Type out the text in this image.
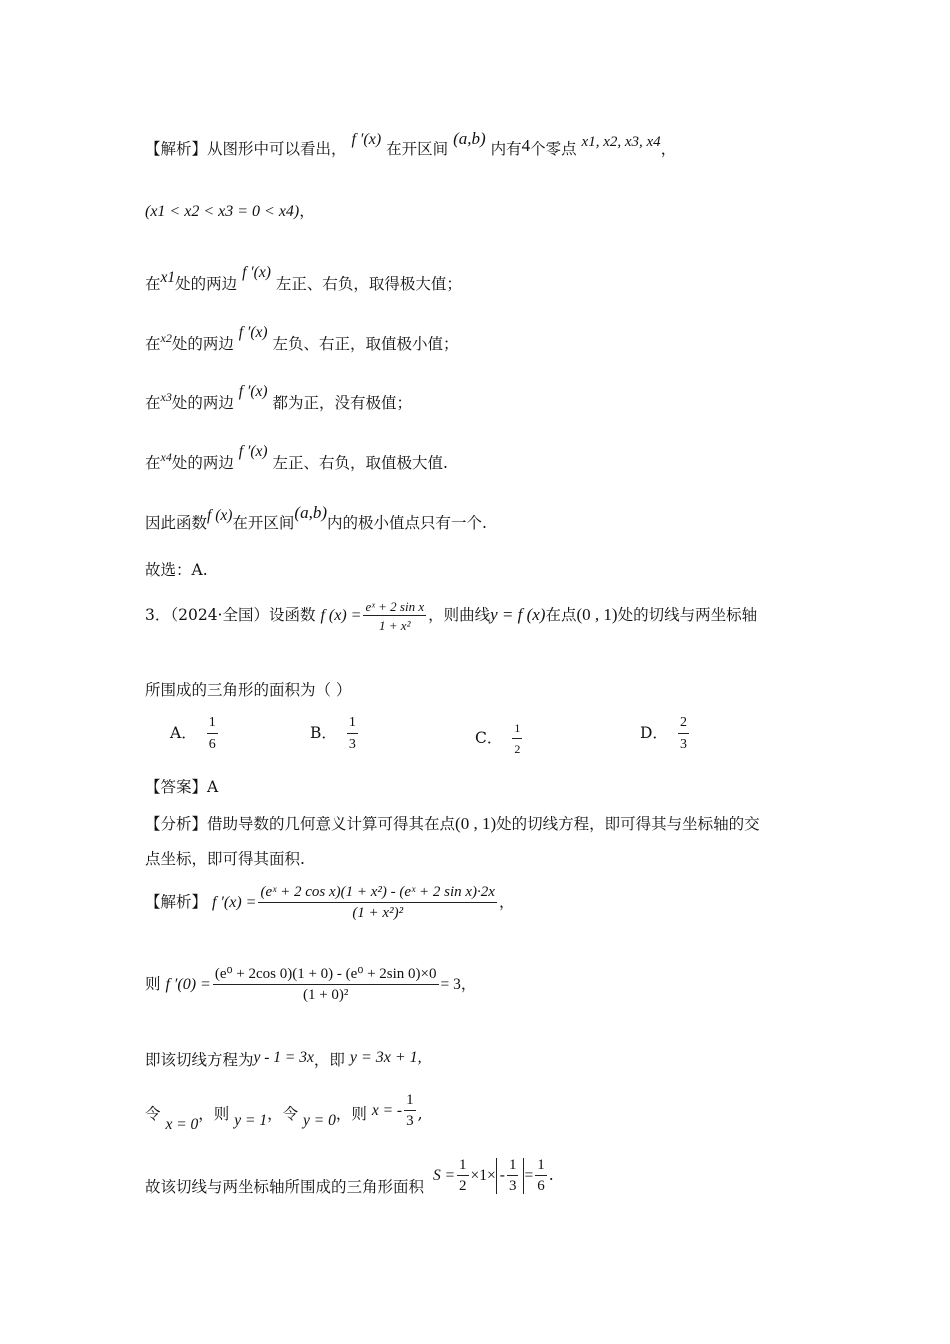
【解析】从图形中可以看出， f ′(x) 在开区间 (a,b) 内有4个零点 x1, x2, x3, x4，
(x1 < x2 < x3 = 0 < x4)，
在x1处的两边 f ′(x) 左正、右负，取得极大值；
在$^{x2}$处的两边 f ′(x) 左负、右正，取值极小值；
在$^{x3}$处的两边 f ′(x) 都为正，没有极值；
在$^{x4}$处的两边 f ′(x) 左正、右负，取值极大值.
因此函数f (x)在开区间(a,b)内的极小值点只有一个.
故选：A.
3．（2024·全国）设函数 f $(x) = \frac{\text{eˣ + 2 sin x}}{\text{1 + x²}}$ ，则曲线y = f (x)在点(0 , 1)处的切线与两坐标轴
所围成的三角形的面积为（ ）
A． $\frac{1}{6}$	B． $\frac{1}{3}$	C． $\frac{1}{2}$	D． $\frac{2}{3}$
【答案】A
【分析】借助导数的几何意义计算可得其在点(0 , 1)处的切线方程，即可得其与坐标轴的交
点坐标，即可得其面积.
【解析】 f $'(x) = \frac{\text{(eˣ + 2 cos x)(1 + x²) - (eˣ + 2 sin x)·2x}}{\text{(1 + x²)²}}$ ，
则 f $'(0) = \frac{\text{(e⁰ + 2cos 0)(1 + 0) - (e⁰ + 2sin 0)×0}}{\text{(1 + 0)²}} = 3$，
即该切线方程为y - 1 = 3x，即 y = 3x + 1,
令 x = 0，则 y = 1，令 y = 0，则 x = - $\frac{1}{3}$ ,
故该切线与两坐标轴所围成的三角形面积 $S = \frac{1}{2} \times 1\times - \frac{1}{3} = \frac{1}{6}$ .
